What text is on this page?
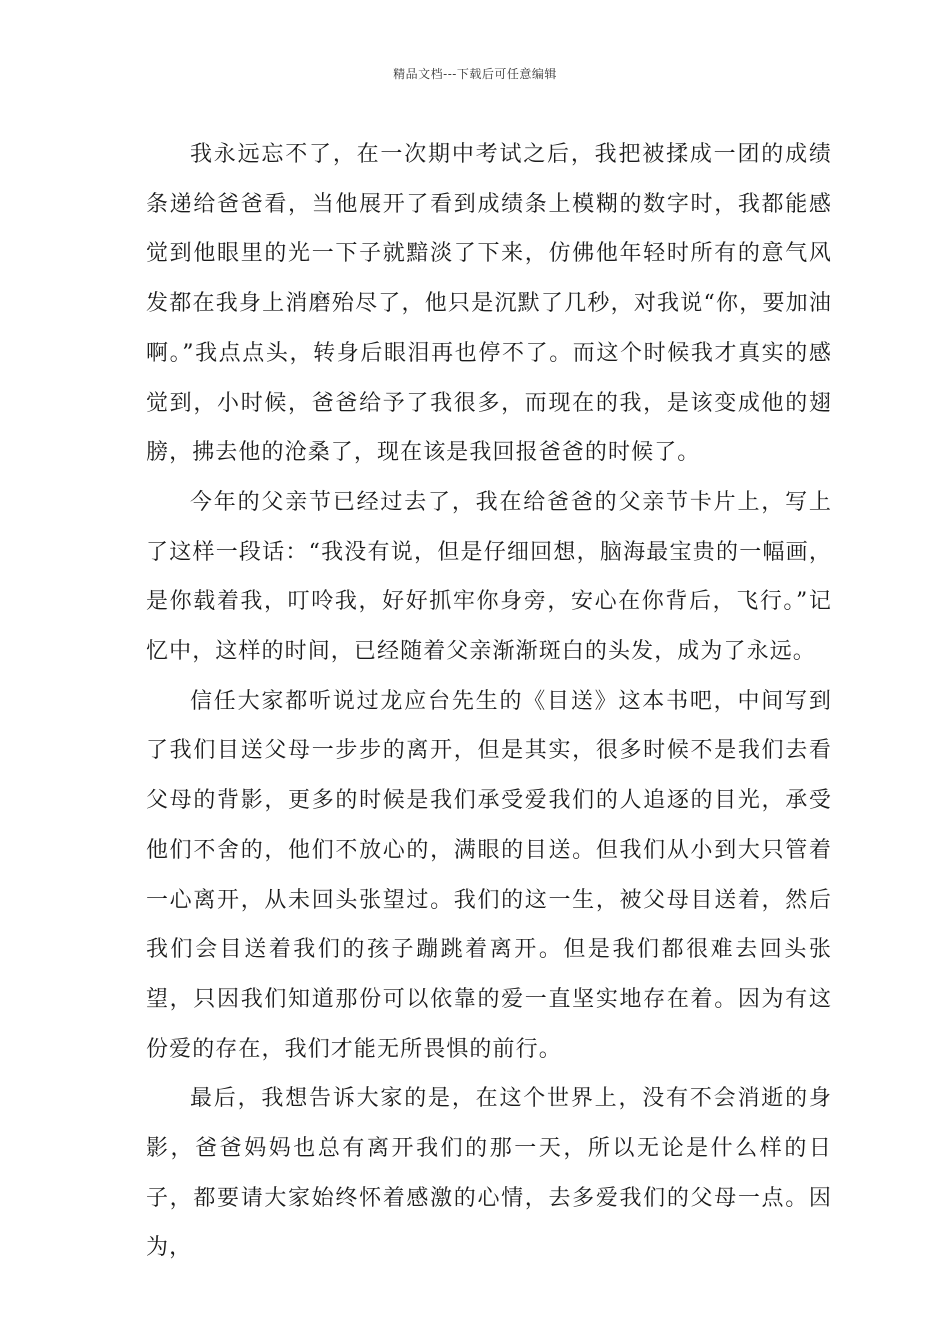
精品文档---下载后可任意编辑

我永远忘不了，在一次期中考试之后，我把被揉成一团的成绩条递给爸爸看，当他展开了看到成绩条上模糊的数字时，我都能感觉到他眼里的光一下子就黯淡了下来，仿佛他年轻时所有的意气风发都在我身上消磨殆尽了，他只是沉默了几秒，对我说“你，要加油啊。”我点点头，转身后眼泪再也停不了。而这个时候我才真实的感觉到，小时候，爸爸给予了我很多，而现在的我，是该变成他的翅膀，拂去他的沧桑了，现在该是我回报爸爸的时候了。

今年的父亲节已经过去了，我在给爸爸的父亲节卡片上，写上了这样一段话：“我没有说，但是仔细回想，脑海最宝贵的一幅画，是你载着我，叮呤我，好好抓牢你身旁，安心在你背后，飞行。”记忆中，这样的时间，已经随着父亲渐渐斑白的头发，成为了永远。

信任大家都听说过龙应台先生的《目送》这本书吧，中间写到了我们目送父母一步步的离开，但是其实，很多时候不是我们去看父母的背影，更多的时候是我们承受爱我们的人追逐的目光，承受他们不舍的，他们不放心的，满眼的目送。但我们从小到大只管着一心离开，从未回头张望过。我们的这一生，被父母目送着，然后我们会目送着我们的孩子蹦跳着离开。但是我们都很难去回头张望，只因我们知道那份可以依靠的爱一直坚实地存在着。因为有这份爱的存在，我们才能无所畏惧的前行。

最后，我想告诉大家的是，在这个世界上，没有不会消逝的身影，爸爸妈妈也总有离开我们的那一天，所以无论是什么样的日子，都要请大家始终怀着感激的心情，去多爱我们的父母一点。因为，
